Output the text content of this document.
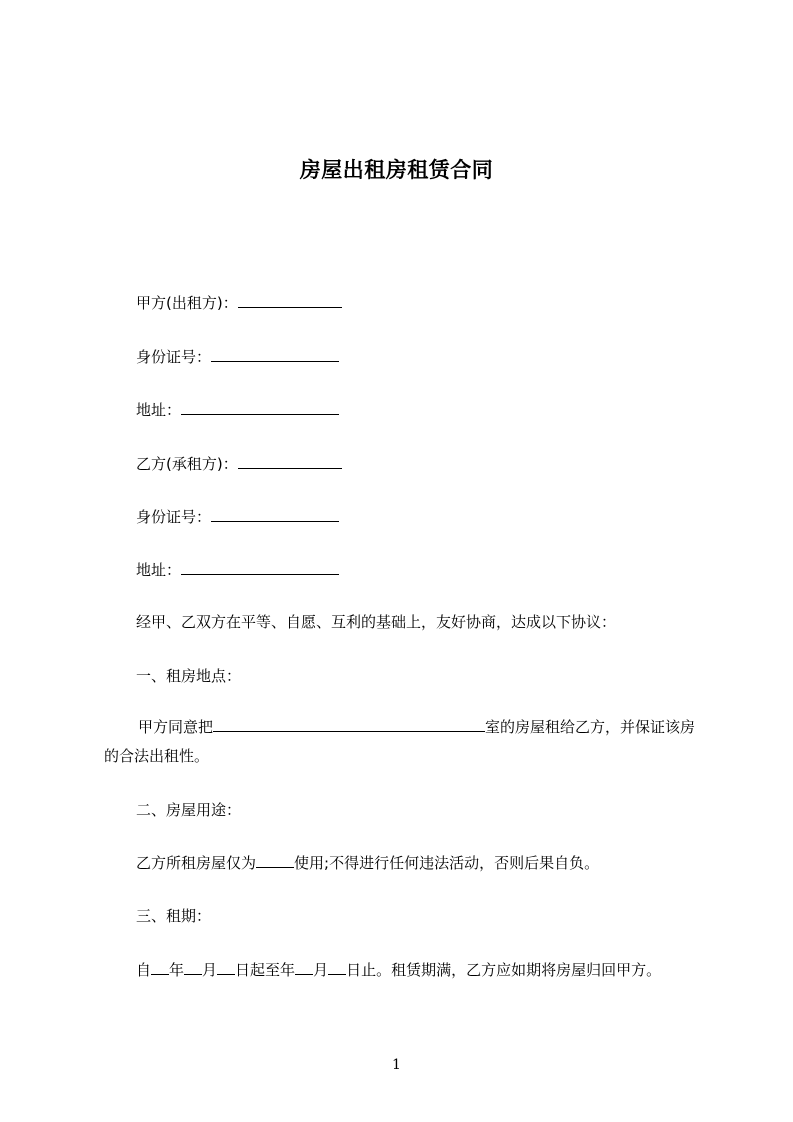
房屋出租房租赁合同
甲方(出租方)：
身份证号：
地址：
乙方(承租方)：
身份证号：
地址：

经甲、乙双方在平等、自愿、互利的基础上，友好协商，达成以下协议：

一、租房地点：

甲方同意把	室的房屋租给乙方，并保证该房的合法出租性。

二、房屋用途：

乙方所租房屋仅为	使用;不得进行任何违法活动，否则后果自负。

三、租期：

自 年 月 日起至年 月 日止。租赁期满，乙方应如期将房屋归回甲方。

1
